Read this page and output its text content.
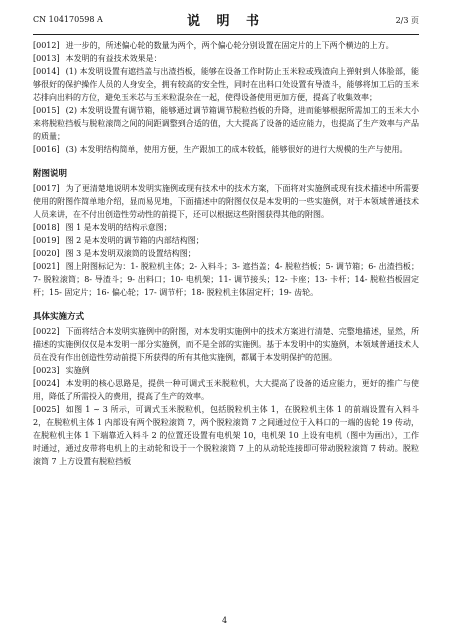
CN 104170598 A	说 明 书	2/3 页

[0012] 进一步的，所述偏心轮的数量为两个，两个偏心轮分别设置在固定片的上下两个横边的上方。

[0013] 本发明的有益技术效果是：

[0014] (1) 本发明设置有遮挡盖与出渣挡板，能够在设备工作时防止玉米粒或残渣向上弹射到人体脸部，能够很好的保护操作人员的人身安全，拥有较高的安全性，同时在出料口处设置有导渣斗，能够将加工后的玉米芯排向出料的方位，避免玉米芯与玉米粒混杂在一起，使得设备使用更加方便，提高了收集效率；

[0015] (2) 本发明设置有调节箱，能够通过调节箱调节脱粒挡板的升降，进而能够根据所需加工的玉米大小来将脱粒挡板与脱粒滚筒之间的间距调整到合适的值，大大提高了设备的适应能力，也提高了生产效率与产品的质量；

[0016] (3) 本发明结构简单，使用方便，生产跟加工的成本较低，能够很好的进行大规模的生产与使用。

附图说明

[0017] 为了更清楚地说明本发明实施例或现有技术中的技术方案，下面将对实施例或现有技术描述中所需要使用的附图作简单地介绍，显而易见地，下面描述中的附图仅仅是本发明的一些实施例，对于本领域普通技术人员来讲，在不付出创造性劳动性的前提下，还可以根据这些附图获得其他的附图。

[0018] 图 1 是本发明的结构示意图；

[0019] 图 2 是本发明的调节箱的内部结构图；

[0020] 图 3 是本发明双滚筒的设置结构图；

[0021] 图上附图标记为：1- 脱粒机主体；2- 入料斗；3- 遮挡盖；4- 脱粒挡板；5- 调节箱；6- 出渣挡板；7- 脱粒滚筒；8- 导渣斗；9- 出料口；10- 电机架；11- 调节接头；12- 卡座；13- 卡杆；14- 脱粒挡板固定杆；15- 固定片；16- 偏心轮；17- 调节杆；18- 脱粒机主体固定杆；19- 齿轮。

具体实施方式

[0022] 下面将结合本发明实施例中的附图，对本发明实施例中的技术方案进行清楚、完整地描述，显然，所描述的实施例仅仅是本发明一部分实施例，而不是全部的实施例。基于本发明中的实施例，本领域普通技术人员在没有作出创造性劳动前提下所获得的所有其他实施例，都属于本发明保护的范围。

[0023] 实施例

[0024] 本发明的核心思路是，提供一种可调式玉米脱粒机，大大提高了设备的适应能力，更好的推广与使用，降低了所需投入的费用，提高了生产的效率。

[0025] 如图 1 ~ 3 所示，可调式玉米脱粒机，包括脱粒机主体 1，在脱粒机主体 1 的前端设置有入料斗 2，在脱粒机主体 1 内部设有两个脱粒滚筒 7，两个脱粒滚筒 7 之间通过位于入料口的一端的齿轮 19 传动，在脱粒机主体 1 下端靠近入料斗 2 的位置还设置有电机架 10，电机架 10 上设有电机（图中为画出），工作时通过，通过皮带将电机上的主动轮和设于一个脱粒滚筒 7 上的从动轮连接即可带动脱粒滚筒 7 转动。脱粒滚筒 7 上方设置有脱粒挡板

4
